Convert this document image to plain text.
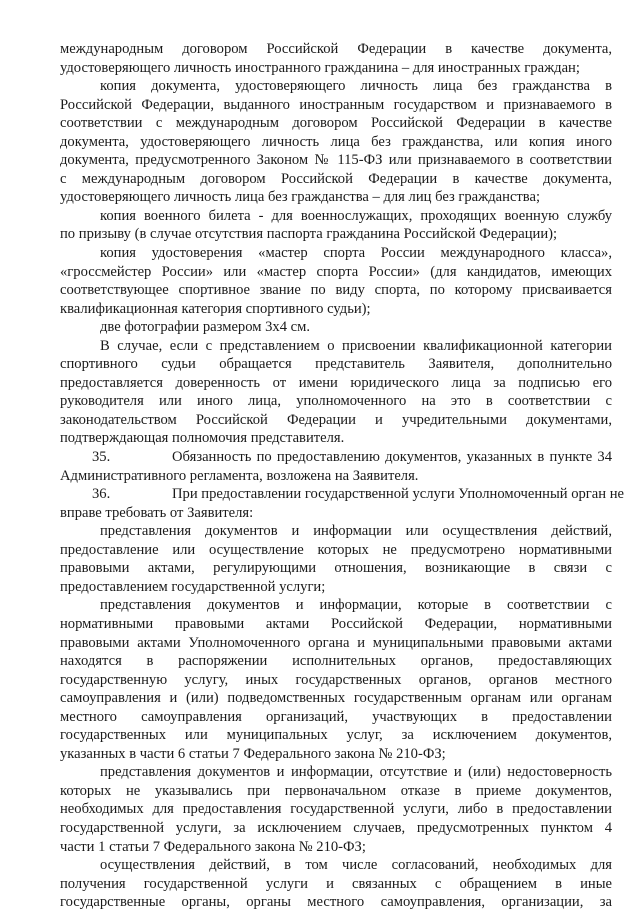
международным договором Российской Федерации в качестве документа,

удостоверяющего личность иностранного гражданина – для иностранных граждан;

копия документа, удостоверяющего личность лица без гражданства в

Российской Федерации, выданного иностранным государством и признаваемого в

соответствии с международным договором Российской Федерации в качестве

документа, удостоверяющего личность лица без гражданства, или копия иного

документа, предусмотренного Законом № 115-ФЗ или признаваемого в соответствии

с международным договором Российской Федерации в качестве документа,

удостоверяющего личность лица без гражданства – для лиц без гражданства;

копия военного билета - для военнослужащих, проходящих военную службу

по призыву (в случае отсутствия паспорта гражданина Российской Федерации);

копия удостоверения «мастер спорта России международного класса»,

«гроссмейстер России» или «мастер спорта России» (для кандидатов, имеющих

соответствующее спортивное звание по виду спорта, по которому присваивается

квалификационная категория спортивного судьи);

две фотографии размером 3х4 см.

В случае, если с представлением о присвоении квалификационной категории

спортивного судьи обращается представитель Заявителя, дополнительно

предоставляется доверенность от имени юридического лица за подписью его

руководителя или иного лица, уполномоченного на это в соответствии с

законодательством Российской Федерации и учредительными документами,

подтверждающая полномочия представителя.

35.	Обязанность по предоставлению документов, указанных в пункте 34

Административного регламента, возложена на Заявителя.

36.	При предоставлении государственной услуги Уполномоченный орган не

вправе требовать от Заявителя:

представления документов и информации или осуществления действий,

предоставление или осуществление которых не предусмотрено нормативными

правовыми актами, регулирующими отношения, возникающие в связи с

предоставлением государственной услуги;

представления документов и информации, которые в соответствии с

нормативными правовыми актами Российской Федерации, нормативными

правовыми актами Уполномоченного органа и муниципальными правовыми актами

находятся в распоряжении исполнительных органов, предоставляющих

государственную услугу, иных государственных органов, органов местного

самоуправления и (или) подведомственных государственным органам или органам

местного самоуправления организаций, участвующих в предоставлении

государственных или муниципальных услуг, за исключением документов,

указанных в части 6 статьи 7 Федерального закона № 210-ФЗ;

представления документов и информации, отсутствие и (или) недостоверность

которых не указывались при первоначальном отказе в приеме документов,

необходимых для предоставления государственной услуги, либо в предоставлении

государственной услуги, за исключением случаев, предусмотренных пунктом 4

части 1 статьи 7 Федерального закона № 210-ФЗ;

осуществления действий, в том числе согласований, необходимых для

получения государственной услуги и связанных с обращением в иные

государственные органы, органы местного самоуправления, организации, за
